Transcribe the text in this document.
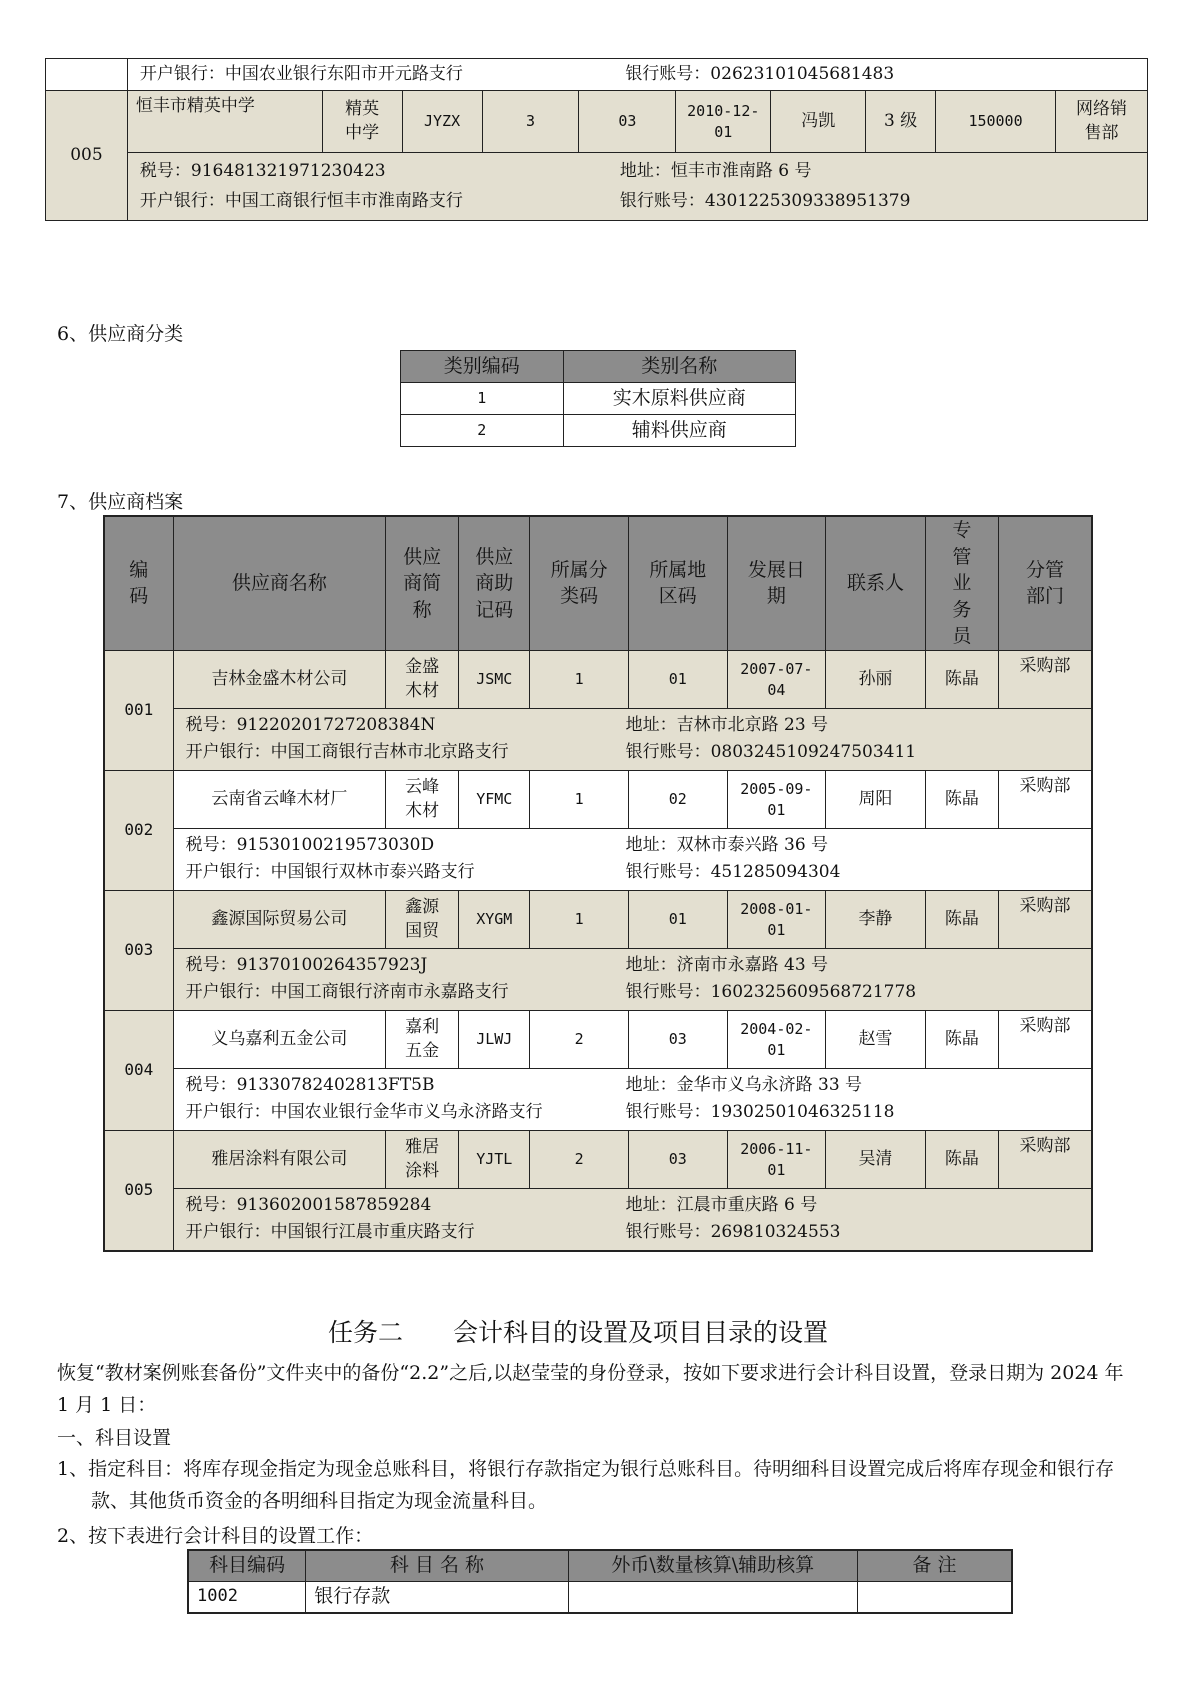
	开户银行：中国农业银行东阳市开元路支行 银行账号：02623101045681483									
005	恒丰市精英中学	精英中学	JYZX	3	03	2010-12-01	冯凯	3 级	150000	网络销售部
	税号：91648132197123042​3 地址：恒丰市淮南路 6 号
开户银行：中国工商银行恒丰市淮南路支行 银行账号：4301225309338951379									
6、供应商分类
类别编码	类别名称
1	实木原料供应商
2	辅料供应商
7、供应商档案
编码	供应商名称	供应商简称	供应商助记码	所属分类码	所属地区码	发展日期	联系人	专管业务员	分管部门
001	吉林金盛木材公司	金盛木材	JSMC	1	01	2007-07-04	孙丽	陈晶	采购部
	税号：91220201727208384N 地址：吉林市北京路 23 号
开户银行：中国工商银行吉林市北京路支行 银行账号：0803245109247503411								
002	云南省云峰木材厂	云峰木材	YFMC	1	02	2005-09-01	周阳	陈晶	采购部
	税号：91530100219573030D 地址：双林市泰兴路 36 号
开户银行：中国银行双林市泰兴路支行 银行账号：451285094304								
003	鑫源国际贸易公司	鑫源国贸	XYGM	1	01	2008-01-01	李静	陈晶	采购部
	税号：91370100264357923J 地址：济南市永嘉路 43 号
开户银行：中国工商银行济南市永嘉路支行 银行账号：1602325609568721778								
004	义乌嘉利五金公司	嘉利五金	JLWJ	2	03	2004-02-01	赵雪	陈晶	采购部
	税号：91330782402813FT5B 地址：金华市义乌永济路 33 号
开户银行：中国农业银行金华市义乌永济路支行 银行账号：19302501046325118								
005	雅居涂料有限公司	雅居涂料	YJTL	2	03	2006-11-01	吴清	陈晶	采购部
	税号：91360200158785928​4 地址：江晨市重庆路 6 号
开户银行：中国银行江晨市重庆路支行 银行账号：269810324553								
任务二　　会计科目的设置及项目目录的设置
恢复“教材案例账套备份”文件夹中的备份“2.2”之后,以赵莹莹的身份登录，按如下要求进行会计科目设置，登录日期为 2024 年 1 月 1 日：
一、科目设置
1、指定科目：将库存现金指定为现金总账科目，将银行存款指定为银行总账科目。待明细科目设置完成后将库存现金和银行存款、其他货币资金的各明细科目指定为现金流量科目。
2、按下表进行会计科目的设置工作：
科目编码	科 目 名 称	外币\数量核算\辅助核算	备 注
1002	银行存款		
